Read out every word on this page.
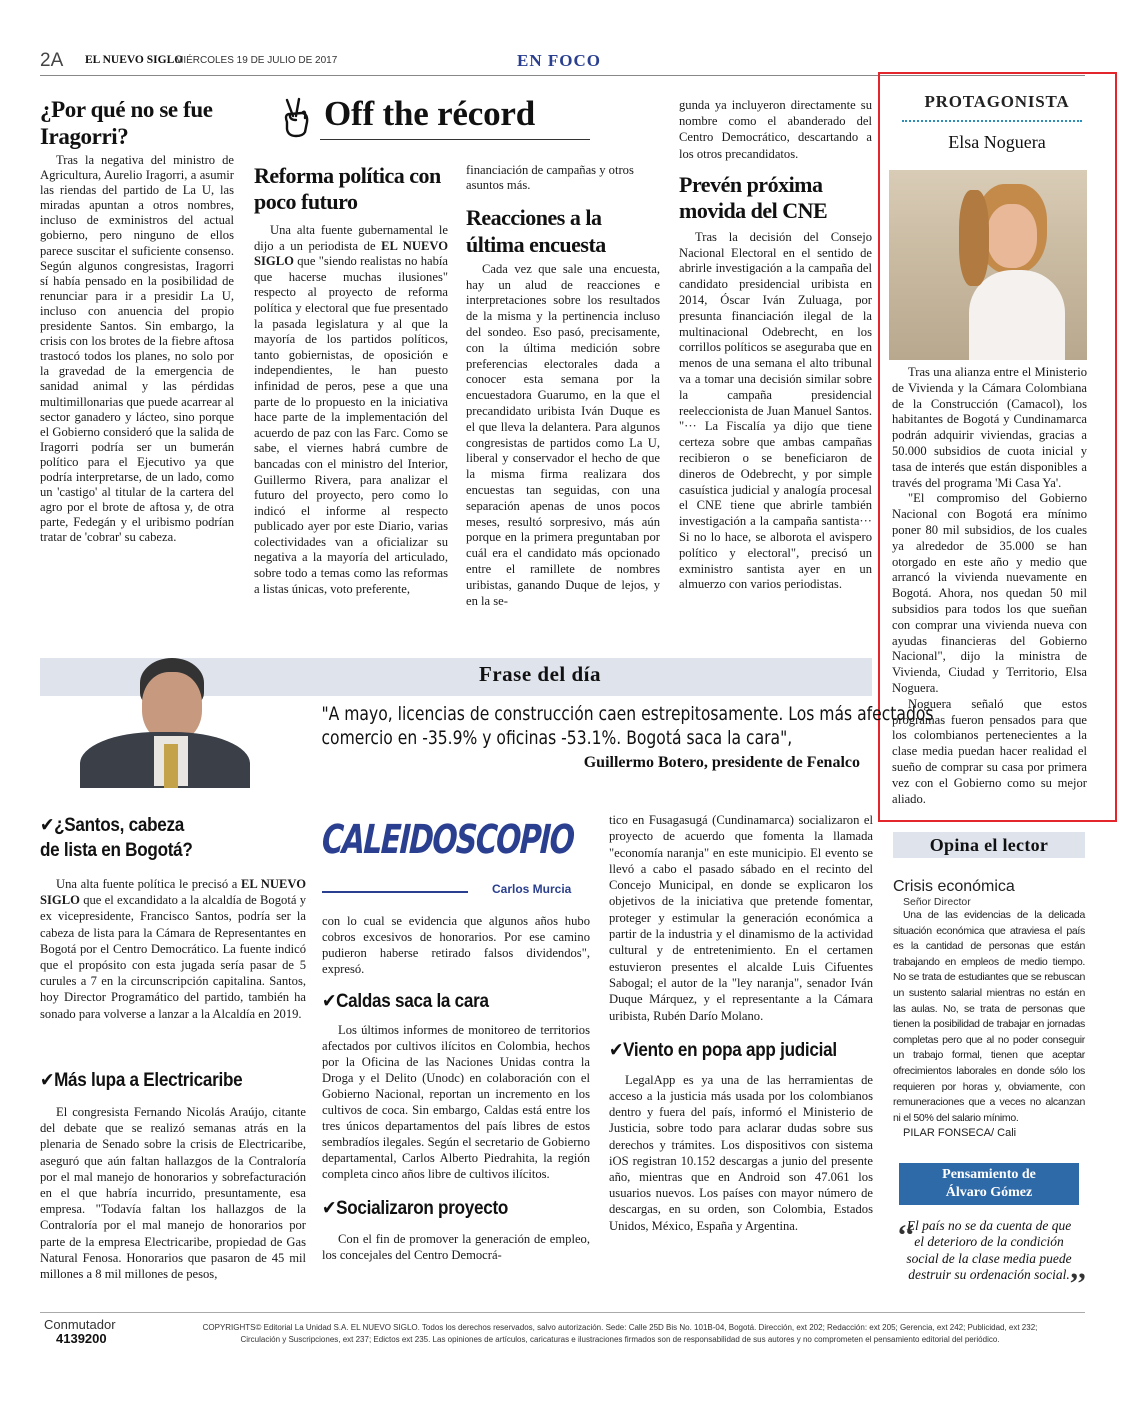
2A EL NUEVO SIGLO
MIÉRCOLES 19 DE JULIO DE 2017	EN FOCO
¿Por qué no se fue Iragorri?

Tras la negativa del ministro de Agricultura, Aurelio Iragorri, a asumir las riendas del partido de La U, las miradas apuntan a otros nombres, incluso de exministros del actual gobierno, pero ninguno de ellos parece suscitar el suficiente consenso. Según algunos congresistas, Iragorri sí había pensado en la posibilidad de renunciar para ir a presidir La U, incluso con anuencia del propio presidente Santos. Sin embargo, la crisis con los brotes de la fiebre aftosa trastocó todos los planes, no solo por la gravedad de la emergencia de sanidad animal y las pérdidas multimillonarias que puede acarrear al sector ganadero y lácteo, sino porque el Gobierno consideró que la salida de Iragorri podría ser un bumerán político para el Ejecutivo ya que podría interpretarse, de un lado, como un 'castigo' al titular de la cartera del agro por el brote de aftosa y, de otra parte, Fedegán y el uribismo podrían tratar de 'cobrar' su cabeza.

Off the récord
Reforma política con poco futuro

Una alta fuente gubernamental le dijo a un periodista de EL NUEVO SIGLO que "siendo realistas no había que hacerse muchas ilusiones" respecto al proyecto de reforma política y electoral que fue presentado la pasada legislatura y al que la mayoría de los partidos políticos, tanto gobiernistas, de oposición e independientes, le han puesto infinidad de peros, pese a que una parte de lo propuesto en la iniciativa hace parte de la implementación del acuerdo de paz con las Farc. Como se sabe, el viernes habrá cumbre de bancadas con el ministro del Interior, Guillermo Rivera, para analizar el futuro del proyecto, pero como lo indicó el informe al respecto publicado ayer por este Diario, varias colectividades van a oficializar su negativa a la mayoría del articulado, sobre todo a temas como las reformas a listas únicas, voto preferente,

financiación de campañas y otros asuntos más.
Reacciones a la última encuesta

Cada vez que sale una encuesta, hay un alud de reacciones e interpretaciones sobre los resultados de la misma y la pertinencia incluso del sondeo. Eso pasó, precisamente, con la última medición sobre preferencias electorales dada a conocer esta semana por la encuestadora Guarumo, en la que el precandidato uribista Iván Duque es el que lleva la delantera. Para algunos congresistas de partidos como La U, liberal y conservador el hecho de que la misma firma realizara dos encuestas tan seguidas, con una separación apenas de unos pocos meses, resultó sorpresivo, más aún porque en la primera preguntaban por cuál era el candidato más opcionado entre el ramillete de nombres uribistas, ganando Duque de lejos, y en la se-

gunda ya incluyeron directamente su nombre como el abanderado del Centro Democrático, descartando a los otros precandidatos.
Prevén próxima movida del CNE

Tras la decisión del Consejo Nacional Electoral en el sentido de abrirle investigación a la campaña del candidato presidencial uribista en 2014, Óscar Iván Zuluaga, por presunta financiación ilegal de la multinacional Odebrecht, en los corrillos políticos se aseguraba que en menos de una semana el alto tribunal va a tomar una decisión similar sobre la campaña presidencial reeleccionista de Juan Manuel Santos. "··· La Fiscalía ya dijo que tiene certeza sobre que ambas campañas recibieron o se beneficiaron de dineros de Odebrecht, y por simple casuística judicial y analogía procesal el CNE tiene que abrirle también investigación a la campaña santista··· Si no lo hace, se alborota el avispero político y electoral", precisó un exministro santista ayer en un almuerzo con varios periodistas.

PROTAGONISTA
Elsa Noguera

Tras una alianza entre el Ministerio de Vivienda y la Cámara Colombiana de la Construcción (Camacol), los habitantes de Bogotá y Cundinamarca podrán adquirir viviendas, gracias a 50.000 subsidios de cuota inicial y tasa de interés que están disponibles a través del programa 'Mi Casa Ya'.

"El compromiso del Gobierno Nacional con Bogotá era mínimo poner 80 mil subsidios, de los cuales ya alrededor de 35.000 se han otorgado en este año y medio que arrancó la vivienda nuevamente en Bogotá. Ahora, nos quedan 50 mil subsidios para todos los que sueñan con comprar una vivienda nueva con ayudas financieras del Gobierno Nacional", dijo la ministra de Vivienda, Ciudad y Territorio, Elsa Noguera.

Noguera señaló que estos programas fueron pensados para que los colombianos pertenecientes a la clase media puedan hacer realidad el sueño de comprar su casa por primera vez con el Gobierno como su mejor aliado.

Frase del día
"A mayo, licencias de construcción caen estrepitosamente. Los más afectados
comercio en -35.9% y oficinas -53.1%. Bogotá saca la cara",
Guillermo Botero, presidente de Fenalco
✔¿Santos, cabeza
de lista en Bogotá?

Una alta fuente política le precisó a EL NUEVO SIGLO que el excandidato a la alcaldía de Bogotá y ex vicepresidente, Francisco Santos, podría ser la cabeza de lista para la Cámara de Representantes en Bogotá por el Centro Democrático. La fuente indicó que el propósito con esta jugada sería pasar de 5 curules a 7 en la circunscripción capitalina. Santos, hoy Director Programático del partido, también ha sonado para volverse a lanzar a la Alcaldía en 2019.

✔Más lupa a Electricaribe

El congresista Fernando Nicolás Araújo, citante del debate que se realizó semanas atrás en la plenaria de Senado sobre la crisis de Electricaribe, aseguró que aún faltan hallazgos de la Contraloría por el mal manejo de honorarios y sobrefacturación en el que habría incurrido, presuntamente, esa empresa. "Todavía faltan los hallazgos de la Contraloría por el mal manejo de honorarios por parte de la empresa Electricaribe, propiedad de Gas Natural Fenosa. Honorarios que pasaron de 45 mil millones a 8 mil millones de pesos,

CALEIDOSCOPIO
Carlos Murcia
con lo cual se evidencia que algunos años hubo cobros excesivos de honorarios. Por ese camino pudieron haberse retirado falsos dividendos", expresó.
✔Caldas saca la cara

Los últimos informes de monitoreo de territorios afectados por cultivos ilícitos en Colombia, hechos por la Oficina de las Naciones Unidas contra la Droga y el Delito (Unodc) en colaboración con el Gobierno Nacional, reportan un incremento en los cultivos de coca. Sin embargo, Caldas está entre los tres únicos departamentos del país libres de estos sembradíos ilegales. Según el secretario de Gobierno departamental, Carlos Alberto Piedrahita, la región completa cinco años libre de cultivos ilícitos.

✔Socializaron proyecto

Con el fin de promover la generación de empleo, los concejales del Centro Democrá-

tico en Fusagasugá (Cundinamarca) socializaron el proyecto de acuerdo que fomenta la llamada "economía naranja" en este municipio. El evento se llevó a cabo el pasado sábado en el recinto del Concejo Municipal, en donde se explicaron los objetivos de la iniciativa que pretende fomentar, proteger y estimular la generación económica a partir de la industria y el dinamismo de la actividad cultural y de entretenimiento. En el certamen estuvieron presentes el alcalde Luis Cifuentes Sabogal; el autor de la "ley naranja", senador Iván Duque Márquez, y el representante a la Cámara uribista, Rubén Darío Molano.
✔Viento en popa app judicial

LegalApp es ya una de las herramientas de acceso a la justicia más usada por los colombianos dentro y fuera del país, informó el Ministerio de Justicia, sobre todo para aclarar dudas sobre sus derechos y trámites. Los dispositivos con sistema iOS registran 10.152 descargas a junio del presente año, mientras que en Android son 47.061 los usuarios nuevos. Los países con mayor número de descargas, en su orden, son Colombia, Estados Unidos, México, España y Argentina.

Opina el lector
Crisis económica
Señor Director
Una de las evidencias de la delicada situación económica que atraviesa el país es la cantidad de personas que están trabajando en empleos de medio tiempo. No se trata de estudiantes que se rebuscan un sustento salarial mientras no están en las aulas. No, se trata de personas que tienen la posibilidad de trabajar en jornadas completas pero que al no poder conseguir un trabajo formal, tienen que aceptar ofrecimientos laborales en donde sólo los requieren por horas y, obviamente, con remuneraciones que a veces no alcanzan ni el 50% del salario mínimo.
PILAR FONSECA/ Cali
Pensamiento de
Álvaro Gómez
‘‘
El país no se da cuenta de que el deterioro de la condición social de la clase media puede destruir su ordenación social. ’’
Conmutador
4139200
COPYRIGHTS© Editorial La Unidad S.A. EL NUEVO SIGLO. Todos los derechos reservados, salvo autorización. Sede: Calle 25D Bis No. 101B-04, Bogotá. Dirección, ext 202; Redacción: ext 205; Gerencia, ext 242; Publicidad, ext 232;
Circulación y Suscripciones, ext 237; Edictos ext 235. Las opiniones de artículos, caricaturas e ilustraciones firmados son de responsabilidad de sus autores y no comprometen el pensamiento editorial del periódico.
